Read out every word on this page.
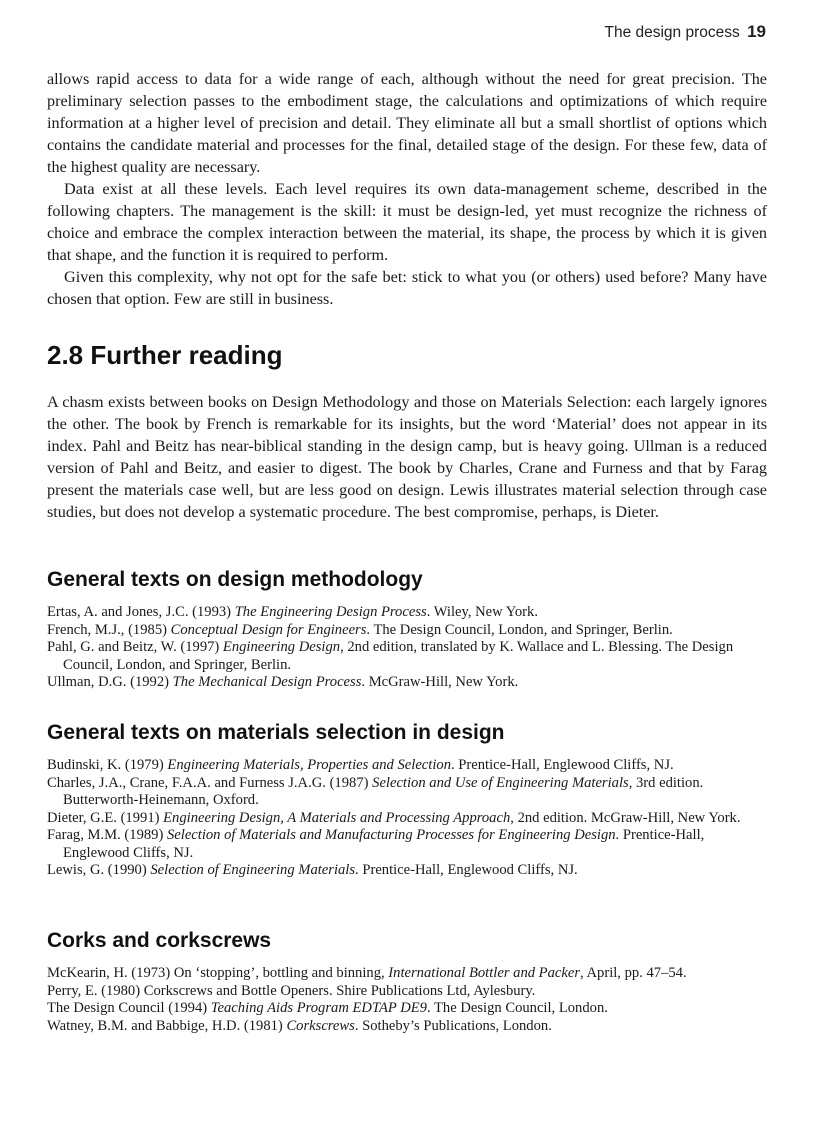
The design process 19

allows rapid access to data for a wide range of each, although without the need for great precision. The preliminary selection passes to the embodiment stage, the calculations and optimizations of which require information at a higher level of precision and detail. They eliminate all but a small shortlist of options which contains the candidate material and processes for the final, detailed stage of the design. For these few, data of the highest quality are necessary.

Data exist at all these levels. Each level requires its own data-management scheme, described in the following chapters. The management is the skill: it must be design-led, yet must recognize the richness of choice and embrace the complex interaction between the material, its shape, the process by which it is given that shape, and the function it is required to perform.

Given this complexity, why not opt for the safe bet: stick to what you (or others) used before? Many have chosen that option. Few are still in business.

2.8 Further reading

A chasm exists between books on Design Methodology and those on Materials Selection: each largely ignores the other. The book by French is remarkable for its insights, but the word ‘Material’ does not appear in its index. Pahl and Beitz has near-biblical standing in the design camp, but is heavy going. Ullman is a reduced version of Pahl and Beitz, and easier to digest. The book by Charles, Crane and Furness and that by Farag present the materials case well, but are less good on design. Lewis illustrates material selection through case studies, but does not develop a systematic procedure. The best compromise, perhaps, is Dieter.

General texts on design methodology
Ertas, A. and Jones, J.C. (1993) The Engineering Design Process. Wiley, New York.
French, M.J., (1985) Conceptual Design for Engineers. The Design Council, London, and Springer, Berlin.
Pahl, G. and Beitz, W. (1997) Engineering Design, 2nd edition, translated by K. Wallace and L. Blessing. The Design Council, London, and Springer, Berlin.
Ullman, D.G. (1992) The Mechanical Design Process. McGraw-Hill, New York.
General texts on materials selection in design
Budinski, K. (1979) Engineering Materials, Properties and Selection. Prentice-Hall, Englewood Cliffs, NJ.
Charles, J.A., Crane, F.A.A. and Furness J.A.G. (1987) Selection and Use of Engineering Materials, 3rd edition. Butterworth-Heinemann, Oxford.
Dieter, G.E. (1991) Engineering Design, A Materials and Processing Approach, 2nd edition. McGraw-Hill, New York.
Farag, M.M. (1989) Selection of Materials and Manufacturing Processes for Engineering Design. Prentice-Hall, Englewood Cliffs, NJ.
Lewis, G. (1990) Selection of Engineering Materials. Prentice-Hall, Englewood Cliffs, NJ.
Corks and corkscrews
McKearin, H. (1973) On ‘stopping’, bottling and binning, International Bottler and Packer, April, pp. 47–54.
Perry, E. (1980) Corkscrews and Bottle Openers. Shire Publications Ltd, Aylesbury.
The Design Council (1994) Teaching Aids Program EDTAP DE9. The Design Council, London.
Watney, B.M. and Babbige, H.D. (1981) Corkscrews. Sotheby’s Publications, London.
